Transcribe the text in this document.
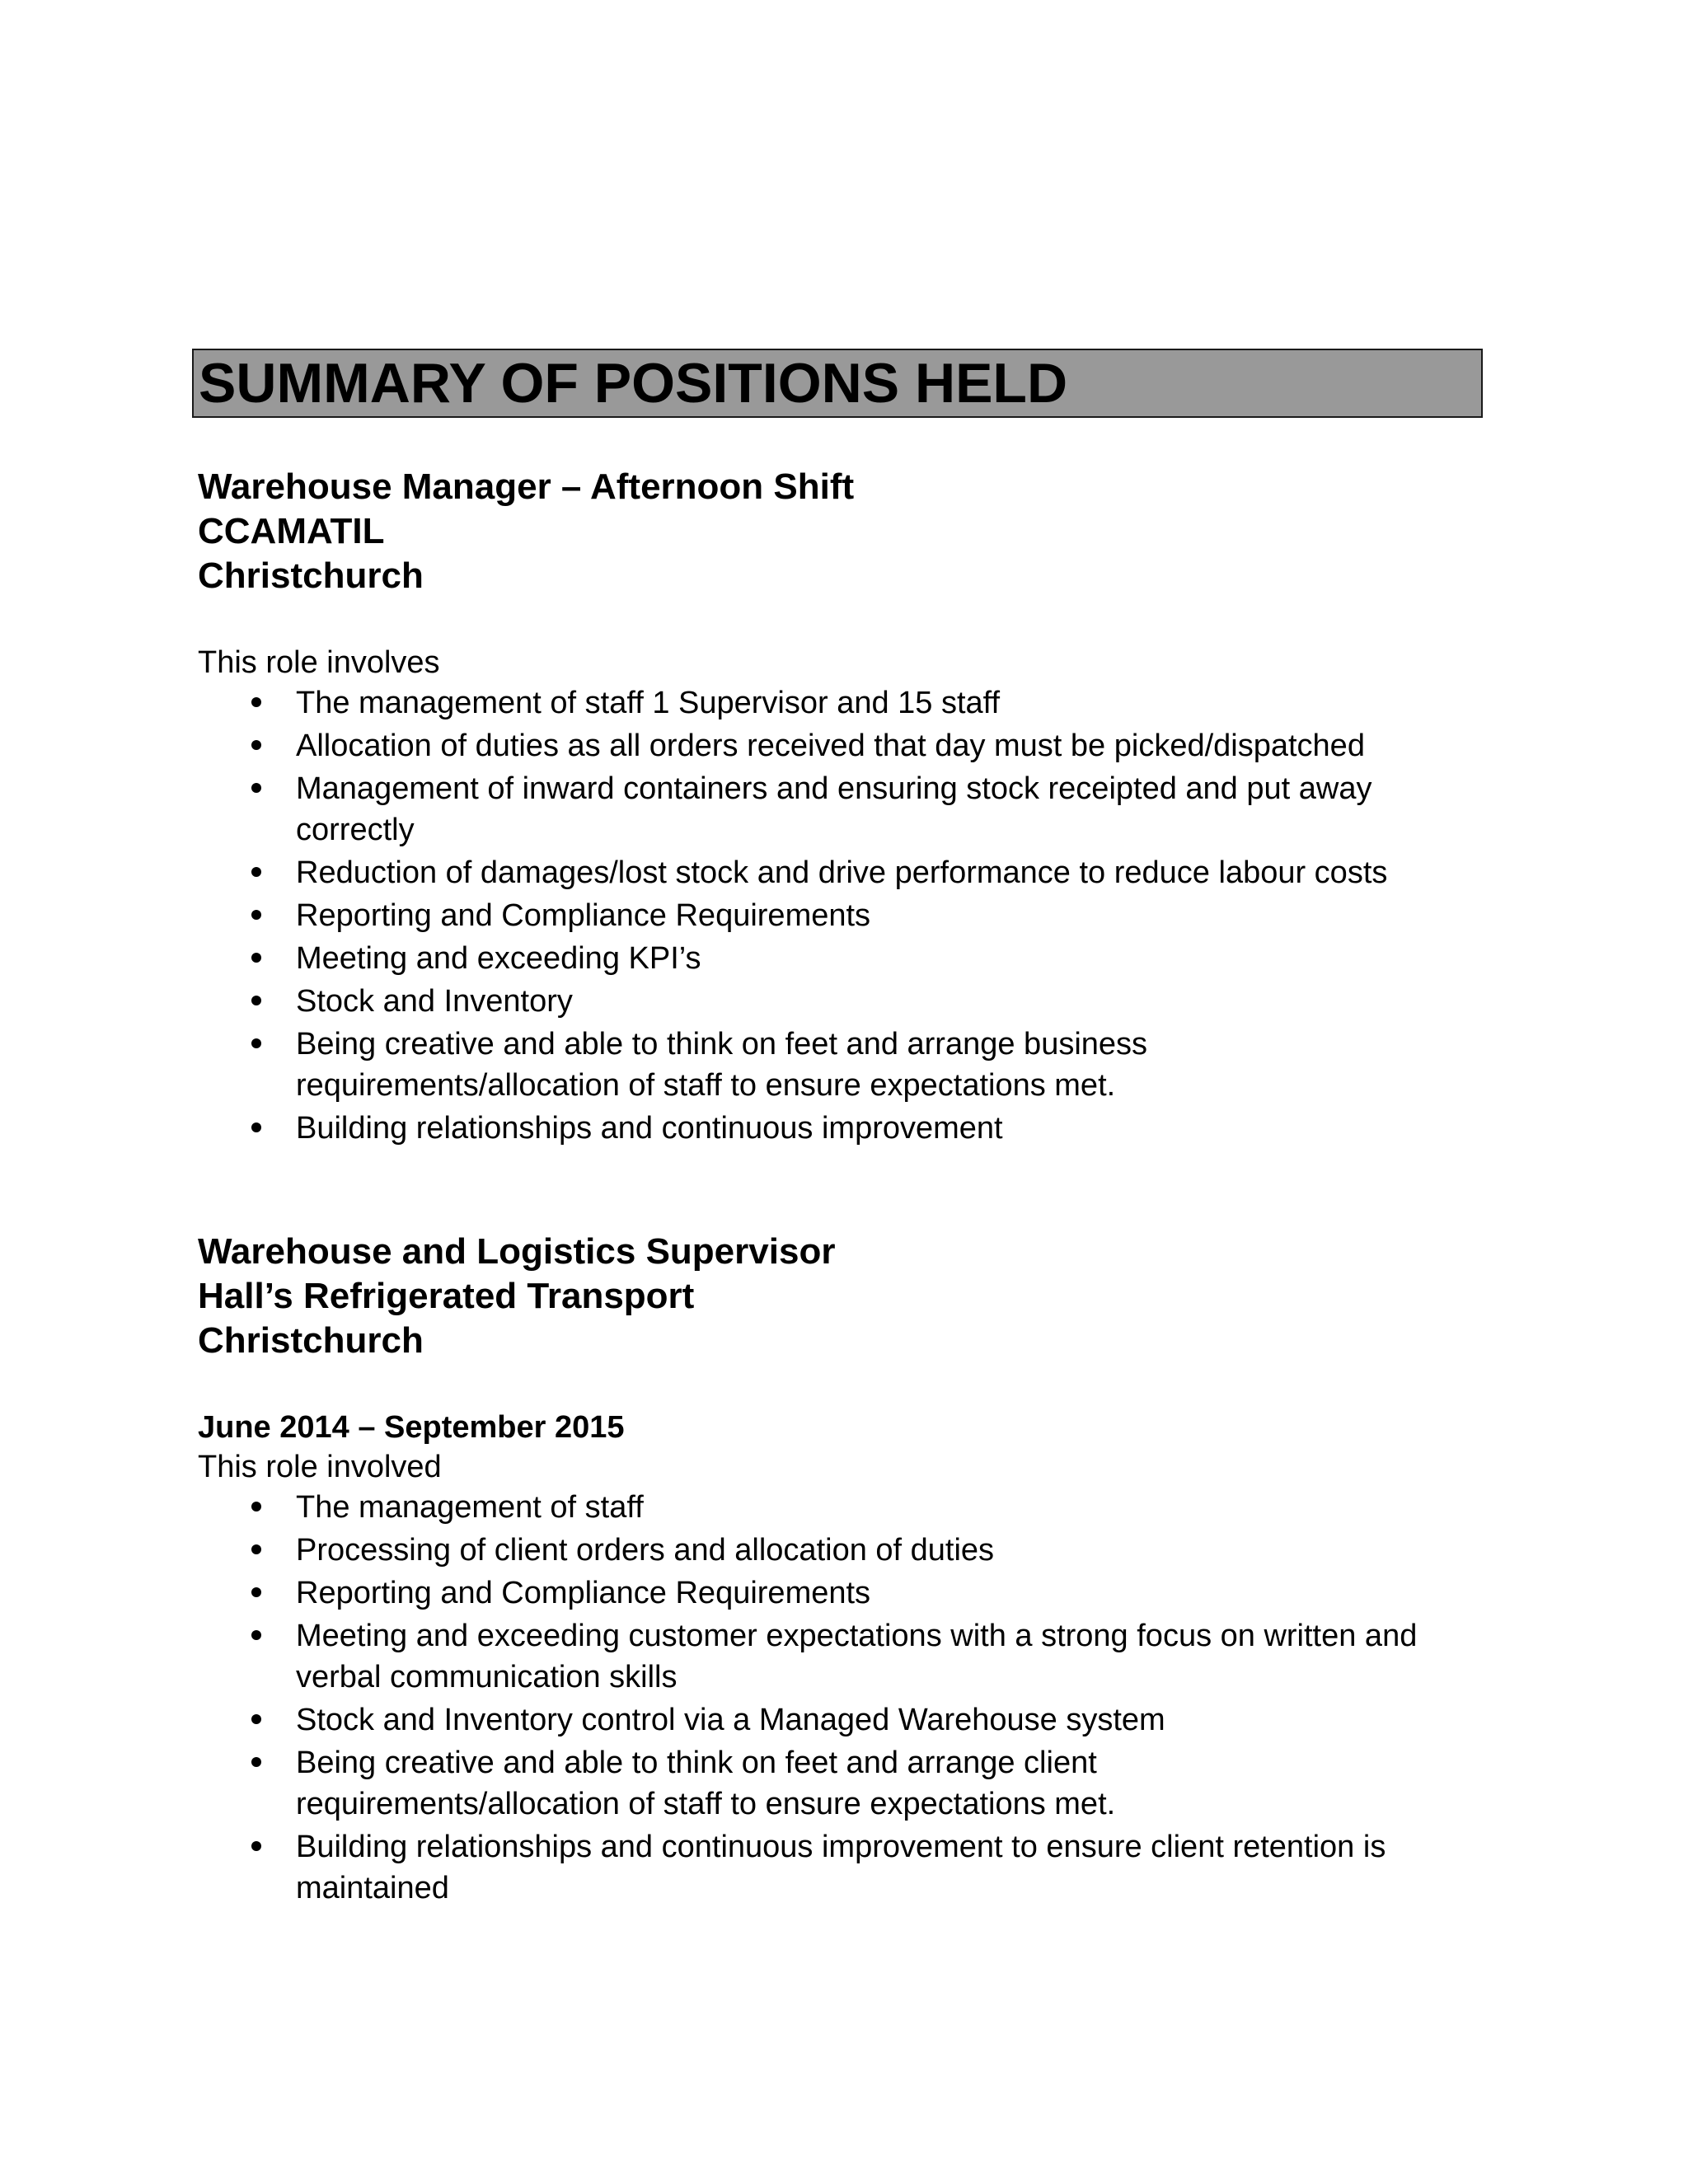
SUMMARY OF POSITIONS HELD
Warehouse Manager – Afternoon Shift
CCAMATIL
Christchurch
This role involves
The management of staff 1 Supervisor and 15 staff
Allocation of duties as all orders received that day must be picked/dispatched
Management of inward containers and ensuring stock receipted and put away correctly
Reduction of damages/lost stock and drive performance to reduce labour costs
Reporting and Compliance Requirements
Meeting and exceeding KPI’s
Stock and Inventory
Being creative and able to think on feet and arrange business requirements/allocation of staff to ensure expectations met.
Building relationships and continuous improvement
Warehouse and Logistics Supervisor
Hall’s Refrigerated Transport
Christchurch
June 2014 – September 2015
This role involved
The management of staff
Processing of client orders and allocation of duties
Reporting and Compliance Requirements
Meeting and exceeding customer expectations with a strong focus on written and verbal communication skills
Stock and Inventory control via a Managed Warehouse system
Being creative and able to think on feet and arrange client requirements/allocation of staff to ensure expectations met.
Building relationships and continuous improvement to ensure client retention is maintained
